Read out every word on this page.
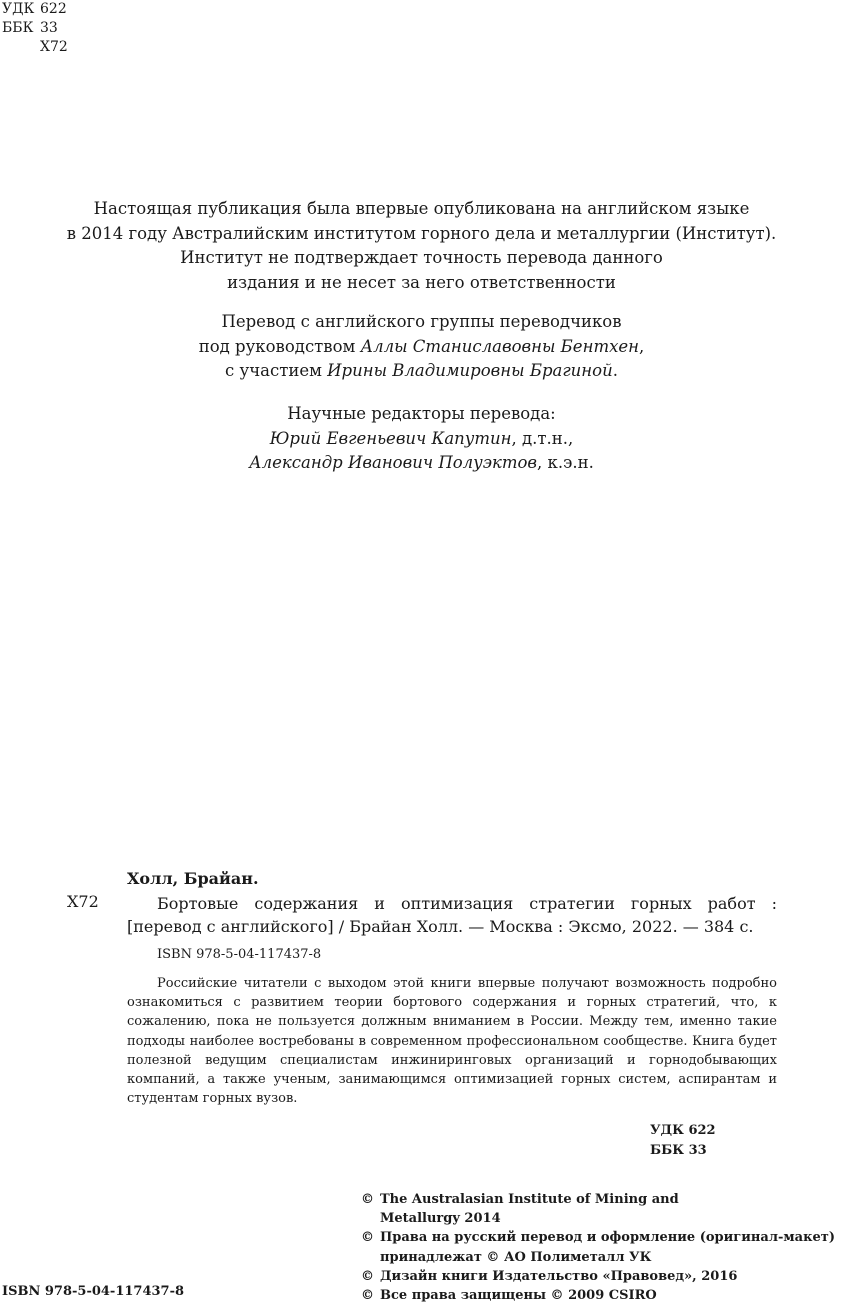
УДК 622
ББК 33
Х72
Настоящая публикация была впервые опубликована на английском языке
в 2014 году Австралийским институтом горного дела и металлургии (Институт).
Институт не подтверждает точность перевода данного
издания и не несет за него ответственности
Перевод с английского группы переводчиков
под руководством Аллы Станиславовны Бентхен,
с участием Ирины Владимировны Брагиной.
Научные редакторы перевода:
Юрий Евгеньевич Капутин, д.т.н.,
Александр Иванович Полуэктов, к.э.н.
Холл, Брайан.
Х72	Бортовые содержания и оптимизация стратегии горных работ : [перевод с английского] / Брайан Холл. — Москва : Эксмо, 2022. — 384 с.
ISBN 978-5-04-117437-8
Российские читатели с выходом этой книги впервые получают возможность подробно ознакомиться с развитием теории бортового содержания и горных стратегий, что, к сожалению, пока не пользуется должным вниманием в России. Между тем, именно такие подходы наиболее востребованы в современном профессиональном сообществе. Книга будет полезной ведущим специалистам инжиниринговых организаций и горнодобывающих компаний, а также ученым, занимающимся оптимизацией горных систем, аспирантам и студентам горных вузов.
УДК 622
ББК 33
© The Australasian Institute of Mining and Metallurgy 2014
© Права на русский перевод и оформление (оригинал-макет) принадлежат © АО Полиметалл УК
© Дизайн книги Издательство «Правовед», 2016
© Все права защищены © 2009 CSIRO
ISBN 978-5-04-117437-8
